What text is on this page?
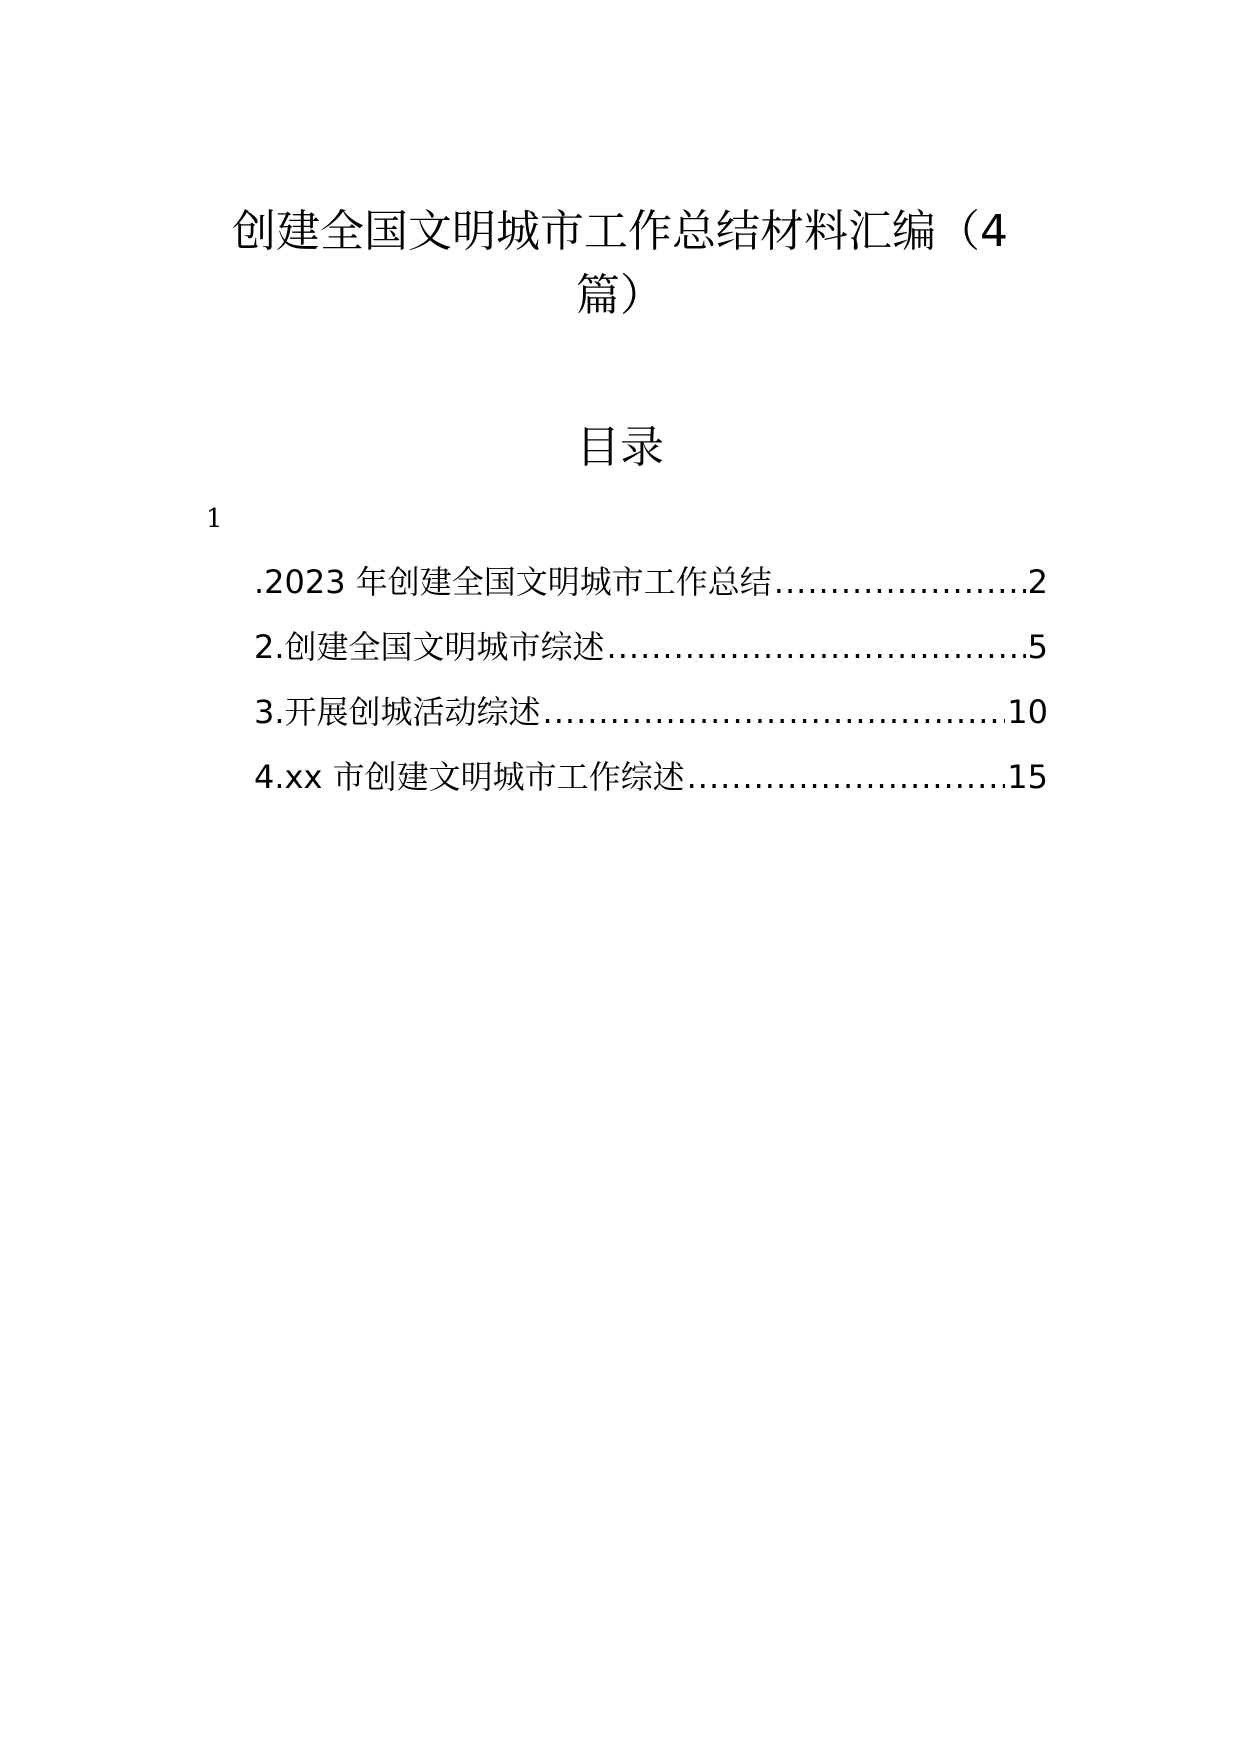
创建全国文明城市工作总结材料汇编（4
篇）
目录
1
.2023 年创建全国文明城市工作总结 .....	2
2.创建全国文明城市综述 .....	5
3.开展创城活动综述 .....	10
4.xx 市创建文明城市工作综述 .....	15
